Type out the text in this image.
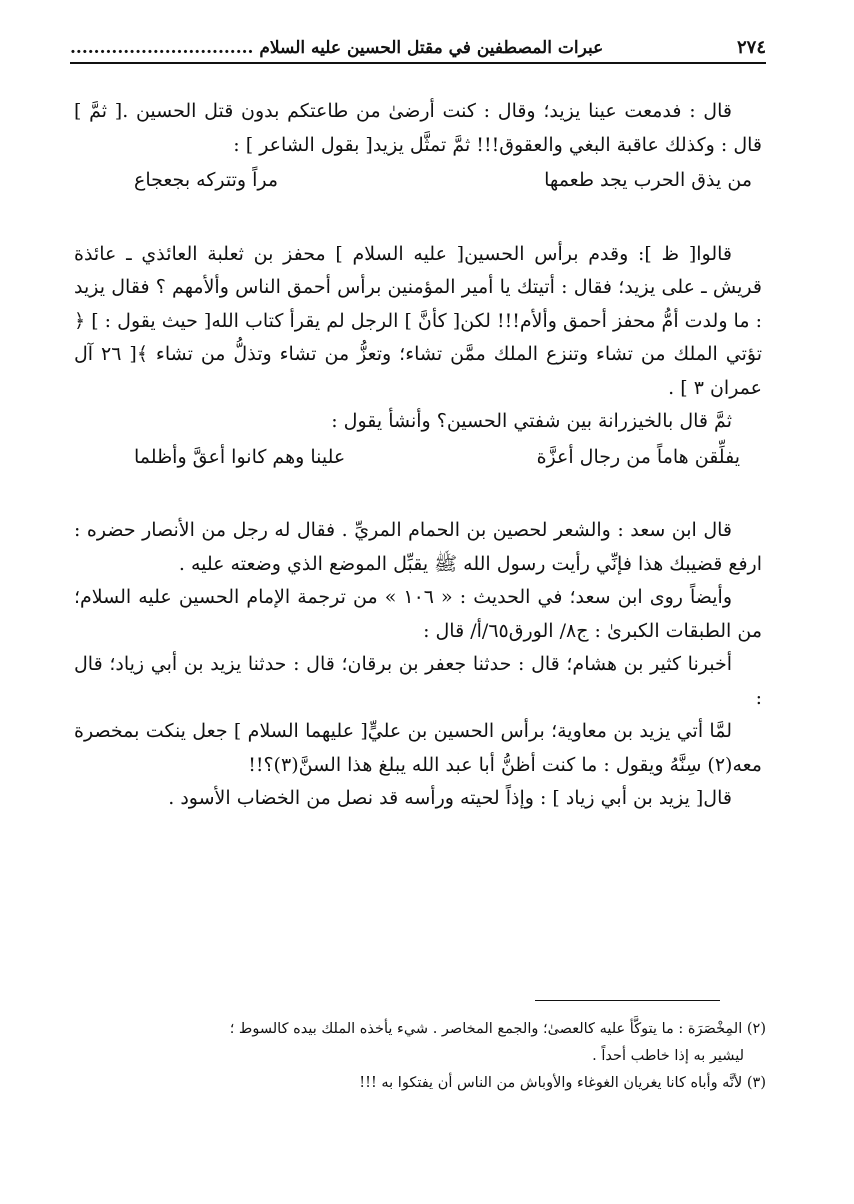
٢٧٤
عبرات المصطفين في مقتل الحسين عليه السلام ...............................

قال : فدمعت عينا يزيد؛ وقال : كنت أرضىٰ من طاعتكم بدون قتل الحسين .[ ثمَّ ] قال : وكذلك عاقبة البغي والعقوق!!! ثمَّ تمثَّل يزيد[ بقول الشاعر ] :

من يذق الحرب يجد طعمها
مراً وتتركه بجعجاع

قالوا[ ظ ]: وقدم برأس الحسين[ عليه السلام ] محفز بن ثعلبة العائذي ـ عائذة قريش ـ على يزيد؛ فقال : أتيتك يا أمير المؤمنين برأس أحمق الناس وألأمهم ؟ فقال يزيد : ما ولدت أمُّ محفز أحمق وألأم!!! لكن[ كأنَّ ] الرجل لم يقرأ كتاب الله[ حيث يقول : ] ﴿ تؤتي الملك من تشاء وتنزع الملك ممَّن تشاء؛ وتعزُّ من تشاء وتذلُّ من تشاء ﴾[ ٢٦ آل عمران ٣ ] .

ثمَّ قال بالخيزرانة بين شفتي الحسين؟ وأنشأ يقول :

يفلِّقن هاماً من رجال أعزَّة
علينا وهم كانوا أعقَّ وأظلما

قال ابن سعد : والشعر لحصين بن الحمام المريِّ . فقال له رجل من الأنصار حضره : ارفع قضيبك هذا فإنِّي رأيت رسول الله ﷺ يقبِّل الموضع الذي وضعته عليه .

وأيضاً روى ابن سعد؛ في الحديث : « ١٠٦ » من ترجمة الإمام الحسين عليه السلام؛ من الطبقات الكبرىٰ : ج٨/ الورق٦٥/أ/ قال :

أخبرنا كثير بن هشام؛ قال : حدثنا جعفر بن برقان؛ قال : حدثنا يزيد بن أبي زياد؛ قال :

لمَّا أتي يزيد بن معاوية؛ برأس الحسين بن عليٍّ[ عليهما السلام ] جعل ينكت بمخصرة معه(٢) سِنَّهُ ويقول : ما كنت أظنُّ أبا عبد الله يبلغ هذا السنَّ(٣)؟!!

قال[ يزيد بن أبي زياد ] : وإذاً لحيته ورأسه قد نصل من الخضاب الأسود .

(٢) المِخْصَرَة : ما يتوكَّأ عليه كالعصىٰ؛ والجمع المخاصر . شيء يأخذه الملك بيده كالسوط ؛
ليشير به إذا خاطب أحداً .
(٣) لأنَّه وأباه كانا يغريان الغوغاء والأوباش من الناس أن يفتكوا به !!!
